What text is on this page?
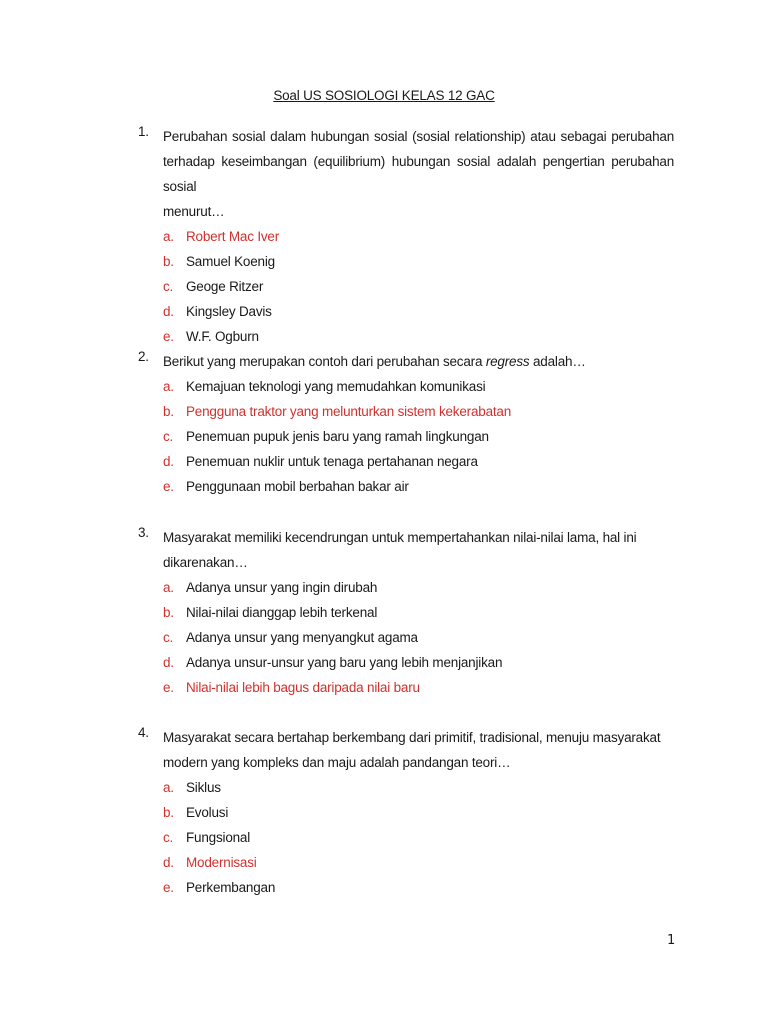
Soal US SOSIOLOGI KELAS 12 GAC
1. Perubahan sosial dalam hubungan sosial (sosial relationship) atau sebagai perubahan
terhadap keseimbangan (equilibrium) hubungan sosial adalah pengertian perubahan sosial
menurut…
a. Robert Mac Iver
b. Samuel Koenig
c. Geoge Ritzer
d. Kingsley Davis
e. W.F. Ogburn
2. Berikut yang merupakan contoh dari perubahan secara regress adalah…
a. Kemajuan teknologi yang memudahkan komunikasi
b. Pengguna traktor yang melunturkan sistem kekerabatan
c. Penemuan pupuk jenis baru yang ramah lingkungan
d. Penemuan nuklir untuk tenaga pertahanan negara
e. Penggunaan mobil berbahan bakar air
3. Masyarakat memiliki kecendrungan untuk mempertahankan nilai-nilai lama, hal ini
dikarenakan…
a. Adanya unsur yang ingin dirubah
b. Nilai-nilai dianggap lebih terkenal
c. Adanya unsur yang menyangkut agama
d. Adanya unsur-unsur yang baru yang lebih menjanjikan
e. Nilai-nilai lebih bagus daripada nilai baru
4. Masyarakat secara bertahap berkembang dari primitif, tradisional, menuju masyarakat
modern yang kompleks dan maju adalah pandangan teori…
a. Siklus
b. Evolusi
c. Fungsional
d. Modernisasi
e. Perkembangan
1
